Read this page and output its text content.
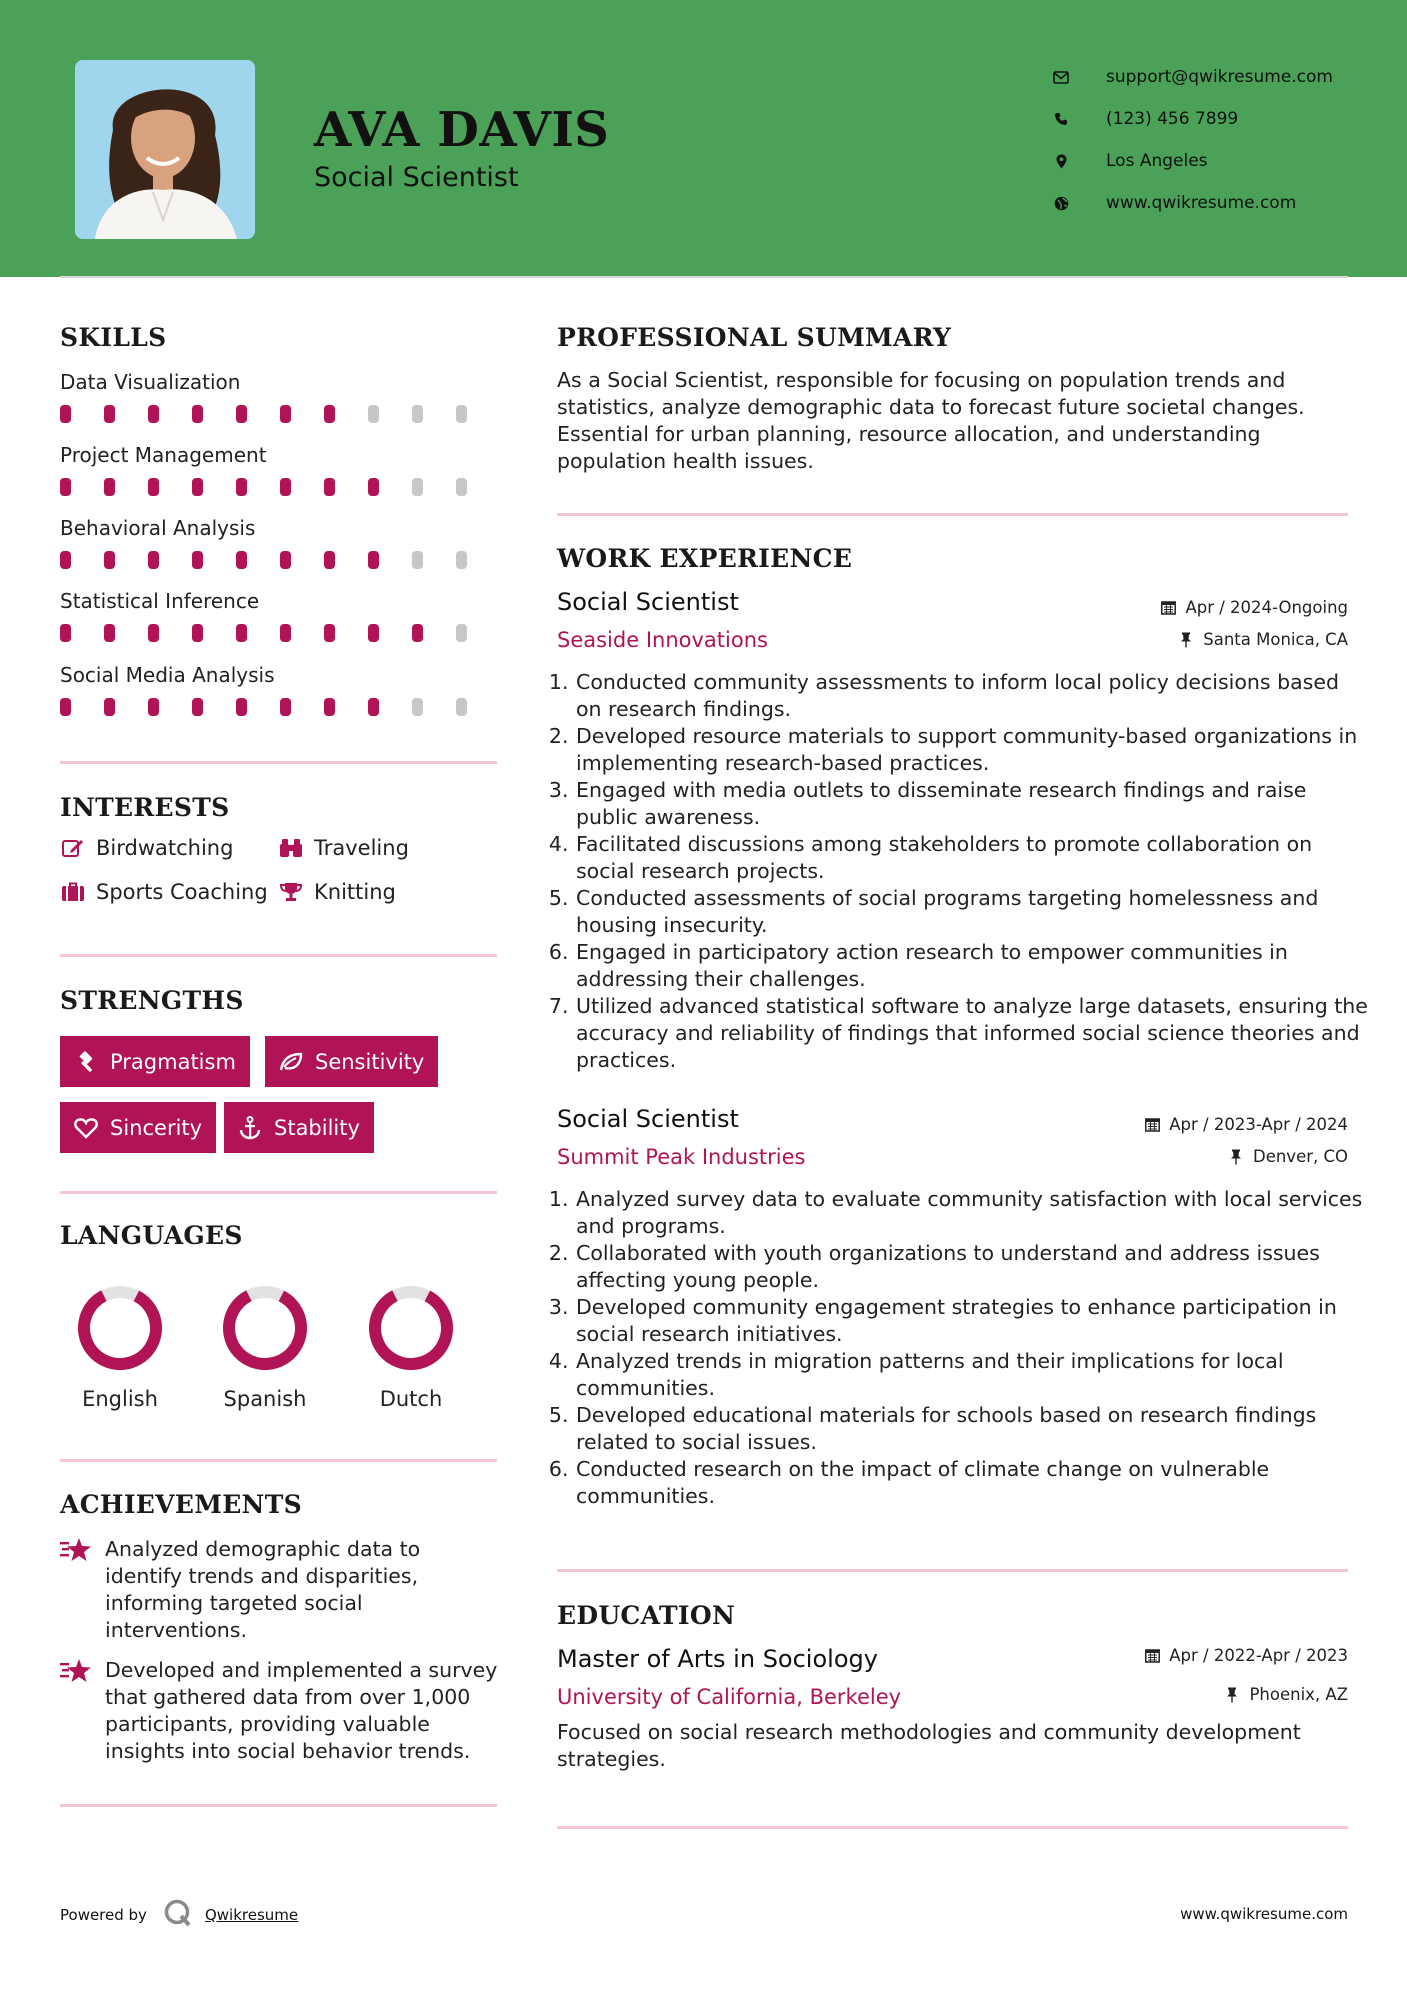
AVA DAVIS
Social Scientist
support@qwikresume.com
(123) 456 7899
Los Angeles
www.qwikresume.com
SKILLS
Data Visualization
Project Management
Behavioral Analysis
Statistical Inference
Social Media Analysis
INTERESTS
Birdwatching	Traveling
Sports Coaching Knitting
STRENGTHS
Pragmatism	Sensitivity
Sincerity	Stability
LANGUAGES
English	Spanish	Dutch
ACHIEVEMENTS
Analyzed demographic data to identify trends and disparities, informing targeted social interventions.
Developed and implemented a survey that gathered data from over 1,000 participants, providing valuable insights into social behavior trends.
PROFESSIONAL SUMMARY
As a Social Scientist, responsible for focusing on population trends and statistics, analyze demographic data to forecast future societal changes. Essential for urban planning, resource allocation, and understanding population health issues.
WORK EXPERIENCE
Social Scientist
Seaside Innovations
Apr / 2024-Ongoing
Santa Monica, CA
1. Conducted community assessments to inform local policy decisions based on research findings.
2. Developed resource materials to support community-based organizations in implementing research-based practices.
3. Engaged with media outlets to disseminate research findings and raise public awareness.
4. Facilitated discussions among stakeholders to promote collaboration on social research projects.
5. Conducted assessments of social programs targeting homelessness and housing insecurity.
6. Engaged in participatory action research to empower communities in addressing their challenges.
7. Utilized advanced statistical software to analyze large datasets, ensuring the accuracy and reliability of findings that informed social science theories and practices.
Social Scientist
Summit Peak Industries
Apr / 2023-Apr / 2024
Denver, CO
1. Analyzed survey data to evaluate community satisfaction with local services and programs.
2. Collaborated with youth organizations to understand and address issues affecting young people.
3. Developed community engagement strategies to enhance participation in social research initiatives.
4. Analyzed trends in migration patterns and their implications for local communities.
5. Developed educational materials for schools based on research findings related to social issues.
6. Conducted research on the impact of climate change on vulnerable communities.
EDUCATION
Master of Arts in Sociology
University of California, Berkeley
Apr / 2022-Apr / 2023
Phoenix, AZ
Focused on social research methodologies and community development strategies.
Powered by	Qwikresume	www.qwikresume.com
